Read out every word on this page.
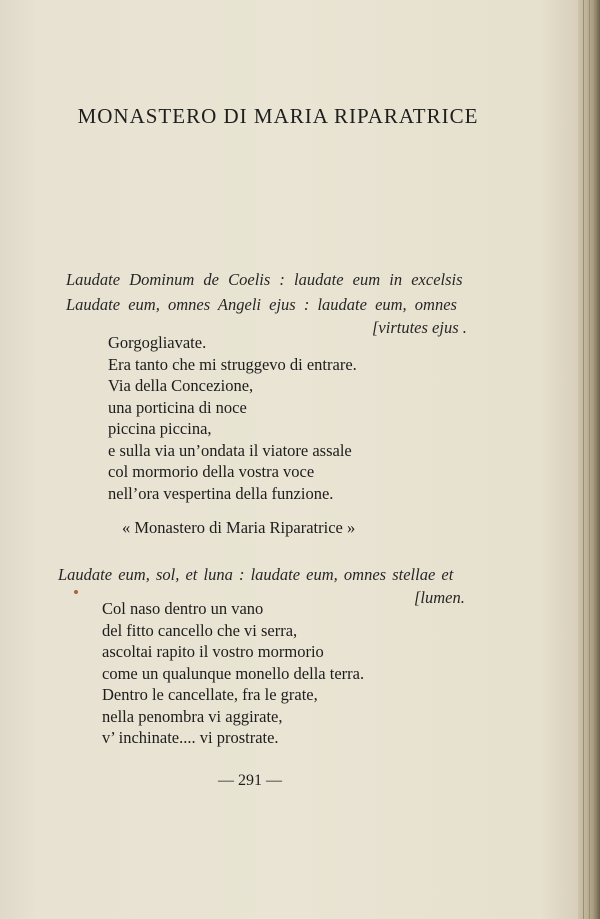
MONASTERO DI MARIA RIPARATRICE
Laudate Dominum de Coelis : laudate eum in excelsis
Laudate eum, omnes Angeli ejus : laudate eum, omnes
[virtutes ejus .
Gorgogliavate.
Era tanto che mi struggevo di entrare.
Via della Concezione,
una porticina di noce
piccina piccina,
e sulla via un’ondata il viatore assale
col mormorio della vostra voce
nell’ora vespertina della funzione.
« Monastero di Maria Riparatrice »
Laudate eum, sol, et luna : laudate eum, omnes stellae et
[lumen.
Col naso dentro un vano
del fitto cancello che vi serra,
ascoltai rapito il vostro mormorio
come un qualunque monello della terra.
Dentro le cancellate, fra le grate,
nella penombra vi aggirate,
v’ inchinate.... vi prostrate.
— 291 —
